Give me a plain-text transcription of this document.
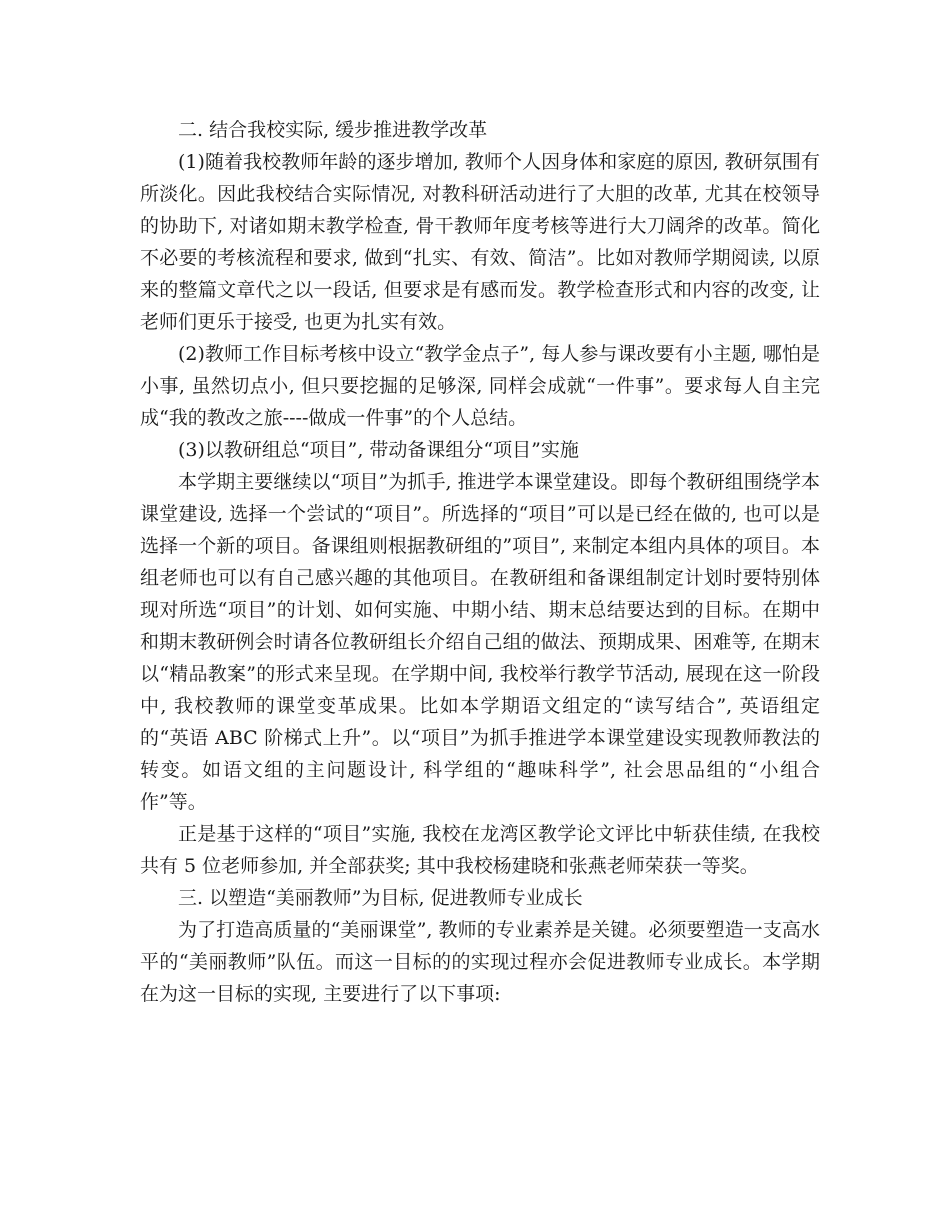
二. 结合我校实际, 缓步推进教学改革

(1)随着我校教师年龄的逐步增加, 教师个人因身体和家庭的原因, 教研氛围有所淡化。因此我校结合实际情况, 对教科研活动进行了大胆的改革, 尤其在校领导的协助下, 对诸如期末教学检查, 骨干教师年度考核等进行大刀阔斧的改革。简化不必要的考核流程和要求, 做到“扎实、有效、简洁”。比如对教师学期阅读, 以原来的整篇文章代之以一段话, 但要求是有感而发。教学检查形式和内容的改变, 让老师们更乐于接受, 也更为扎实有效。

(2)教师工作目标考核中设立“教学金点子”, 每人参与课改要有小主题, 哪怕是小事, 虽然切点小, 但只要挖掘的足够深, 同样会成就“一件事”。要求每人自主完成“我的教改之旅----做成一件事”的个人总结。

(3)以教研组总“项目”, 带动备课组分“项目”实施

本学期主要继续以“项目”为抓手, 推进学本课堂建设。即每个教研组围绕学本课堂建设, 选择一个尝试的“项目”。所选择的“项目”可以是已经在做的, 也可以是选择一个新的项目。备课组则根据教研组的”项目”, 来制定本组内具体的项目。本组老师也可以有自己感兴趣的其他项目。在教研组和备课组制定计划时要特别体现对所选“项目”的计划、如何实施、中期小结、期末总结要达到的目标。在期中和期末教研例会时请各位教研组长介绍自己组的做法、预期成果、困难等, 在期末以“精品教案”的形式来呈现。在学期中间, 我校举行教学节活动, 展现在这一阶段中, 我校教师的课堂变革成果。比如本学期语文组定的“读写结合”, 英语组定的“英语 ABC 阶梯式上升”。以“项目”为抓手推进学本课堂建设实现教师教法的转变。如语文组的主问题设计, 科学组的“趣味科学”, 社会思品组的“小组合作”等。

正是基于这样的“项目”实施, 我校在龙湾区教学论文评比中斩获佳绩, 在我校共有 5 位老师参加, 并全部获奖; 其中我校杨建晓和张燕老师荣获一等奖。

三. 以塑造“美丽教师”为目标, 促进教师专业成长

为了打造高质量的“美丽课堂”, 教师的专业素养是关键。必须要塑造一支高水平的“美丽教师”队伍。而这一目标的的实现过程亦会促进教师专业成长。本学期在为这一目标的实现, 主要进行了以下事项:
